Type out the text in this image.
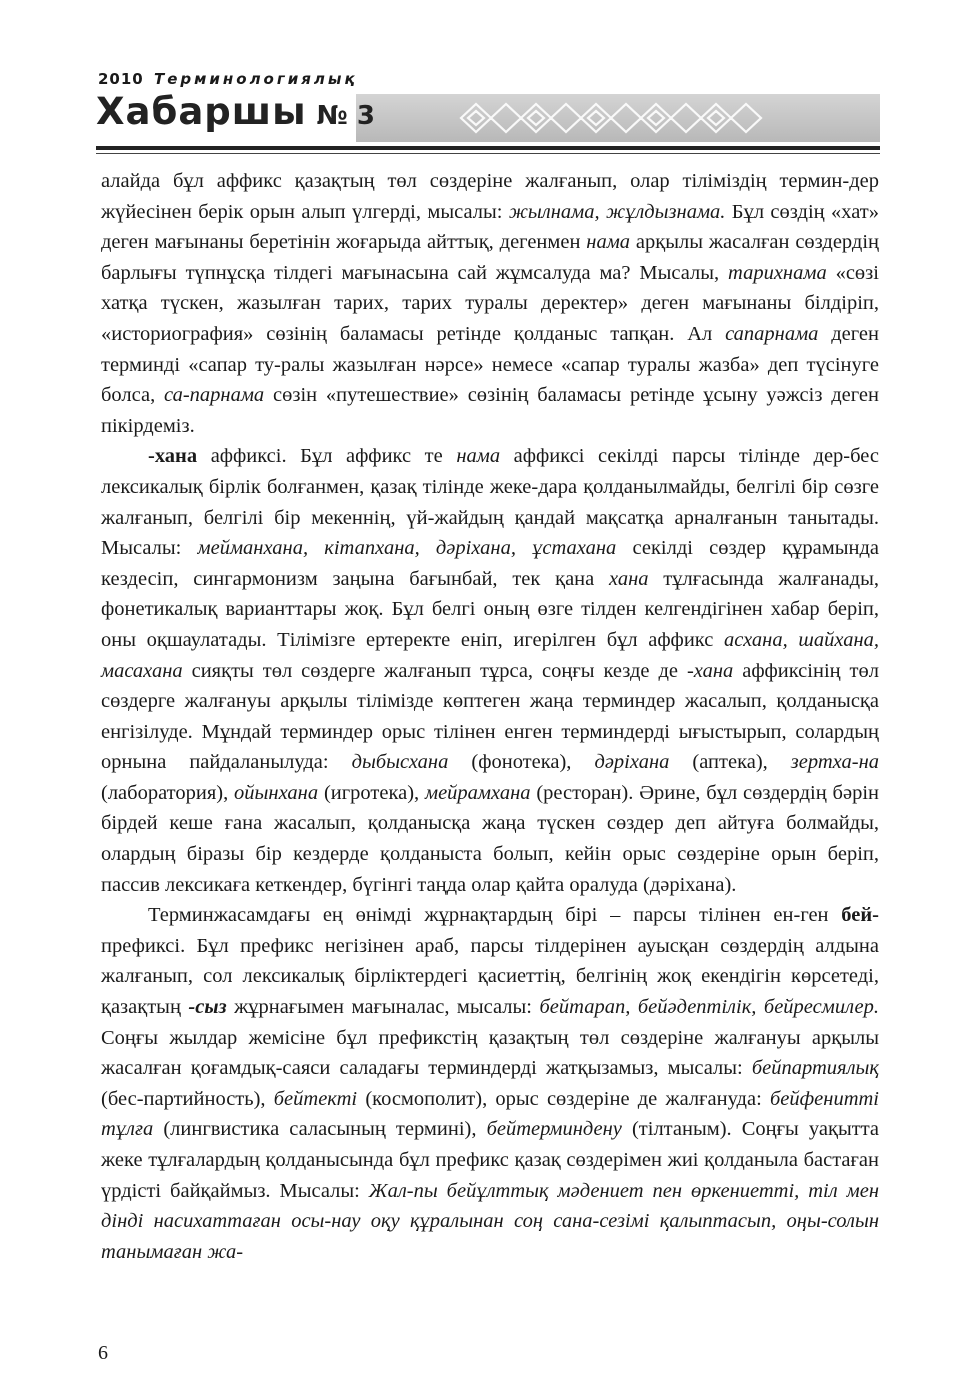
2010 Терминологиялық
Хабаршы № 3

алайда бұл аффикс қазақтың төл сөздеріне жалғанып, олар тіліміздің термин-дер жүйесінен берік орын алып үлгерді, мысалы: жылнама, жұлдызнама. Бұл сөздің «хат» деген мағынаны беретінін жоғарыда айттық, дегенмен нама арқылы жасалған сөздердің барлығы түпнұсқа тілдегі мағынасына сай жұмсалуда ма? Мысалы, тарихнама «сөзі хатқа түскен, жазылған тарих, тарих туралы деректер» деген мағынаны білдіріп, «историография» сөзінің баламасы ретінде қолданыс тапқан. Ал сапарнама деген терминді «сапар ту-ралы жазылған нәрсе» немесе «сапар туралы жазба» деп түсінуге болса, са-парнама сөзін «путешествие» сөзінің баламасы ретінде ұсыну уәжсіз деген пікірдеміз.

-хана аффиксі. Бұл аффикс те нама аффиксі секілді парсы тілінде дер-бес лексикалық бірлік болғанмен, қазақ тілінде жеке-дара қолданылмайды, белгілі бір сөзге жалғанып, белгілі бір мекеннің, үй-жайдың қандай мақсатқа арналғанын танытады. Мысалы: мейманхана, кітапхана, дәріхана, ұстахана секілді сөздер құрамында кездесіп, сингармонизм заңына бағынбай, тек қана хана тұлғасында жалғанады, фонетикалық варианттары жоқ. Бұл белгі оның өзге тілден келгендігінен хабар беріп, оны оқшаулатады. Тілімізге ертеректе еніп, игерілген бұл аффикс асхана, шайхана, масахана сияқты төл сөздерге жалғанып тұрса, соңғы кезде де -хана аффиксінің төл сөздерге жалғануы арқылы тілімізде көптеген жаңа терминдер жасалып, қолданысқа енгізілуде. Мұндай терминдер орыс тілінен енген терминдерді ығыстырып, солардың орнына пайдаланылуда: дыбысхана (фонотека), дәріхана (аптека), зертха-на (лаборатория), ойынхана (игротека), мейрамхана (ресторан). Әрине, бұл сөздердің бәрін бірдей кеше ғана жасалып, қолданысқа жаңа түскен сөздер деп айтуға болмайды, олардың біразы бір кездерде қолданыста болып, кейін орыс сөздеріне орын беріп, пассив лексикаға кеткендер, бүгінгі таңда олар қайта оралуда (дәріхана).

Терминжасамдағы ең өнімді жұрнақтардың бірі – парсы тілінен ен-ген бей- префиксі. Бұл префикс негізінен араб, парсы тілдерінен ауысқан сөздердің алдына жалғанып, сол лексикалық бірліктердегі қасиеттің, белгінің жоқ екендігін көрсетеді, қазақтың -сыз жұрнағымен мағыналас, мысалы: бейтарап, бейәдептілік, бейресмилер. Соңғы жылдар жемісіне бұл префикстің қазақтың төл сөздеріне жалғануы арқылы жасалған қоғамдық-саяси саладағы терминдерді жатқызамыз, мысалы: бейпартиялық (бес-партийность), бейтекті (космополит), орыс сөздеріне де жалғануда: бейфенитті тұлға (лингвистика саласының термині), бейтерминдену (тілтаным). Соңғы уақытта жеке тұлғалардың қолданысында бұл префикс қазақ сөздерімен жиі қолданыла бастаған үрдісті байқаймыз. Мысалы: Жал-пы бейұлттық мәдениет пен өркениетті, тіл мен дінді насихаттаған осы-нау оқу құралынан соң сана-сезімі қалыптасып, оңы-солын танымаған жа-

6
